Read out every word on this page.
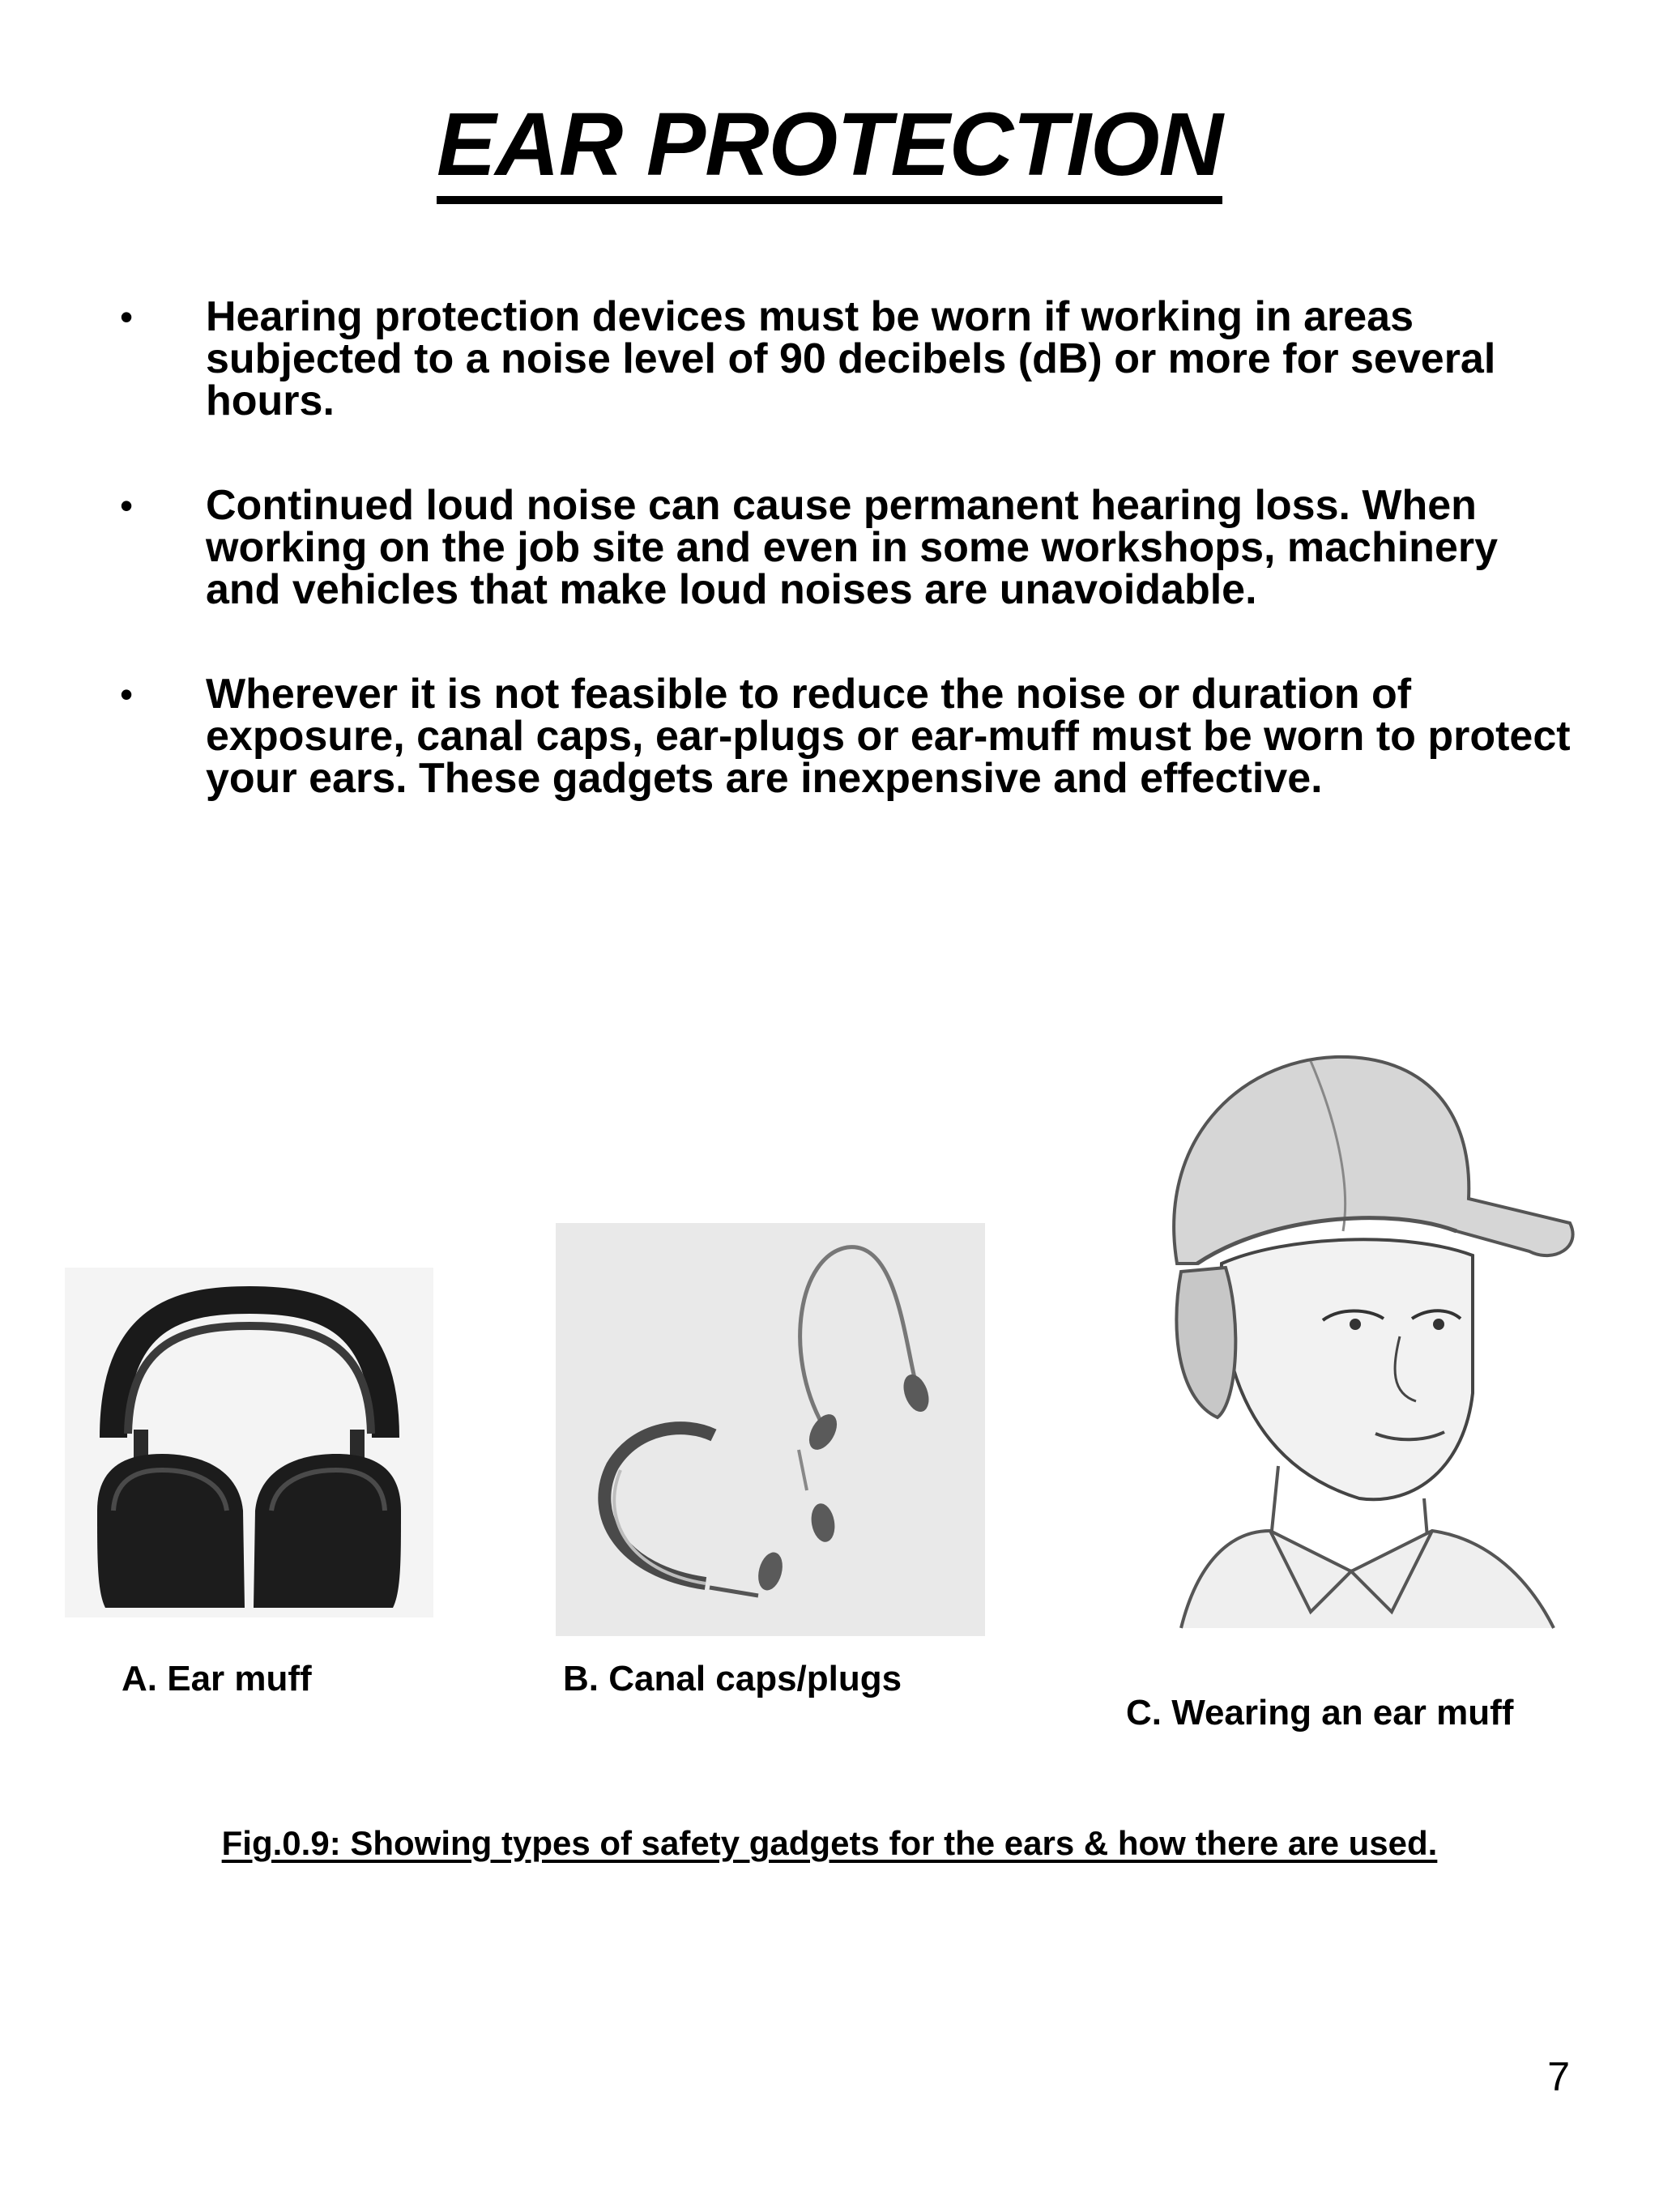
EAR PROTECTION
• Hearing protection devices must be worn if working in areas subjected to a noise level of 90 decibels (dB) or more for several hours.
• Continued loud noise can cause permanent hearing loss. When working on the job site and even in some workshops, machinery and vehicles that make loud noises are unavoidable.
• Wherever it is not feasible to reduce the noise or duration of exposure, canal caps, ear-plugs or ear-muff must be worn to protect your ears. These gadgets are inexpensive and effective.
A. Ear muff	B. Canal caps/plugs
C. Wearing an ear muff
Fig.0.9: Showing types of safety gadgets for the ears & how there are used.
7
